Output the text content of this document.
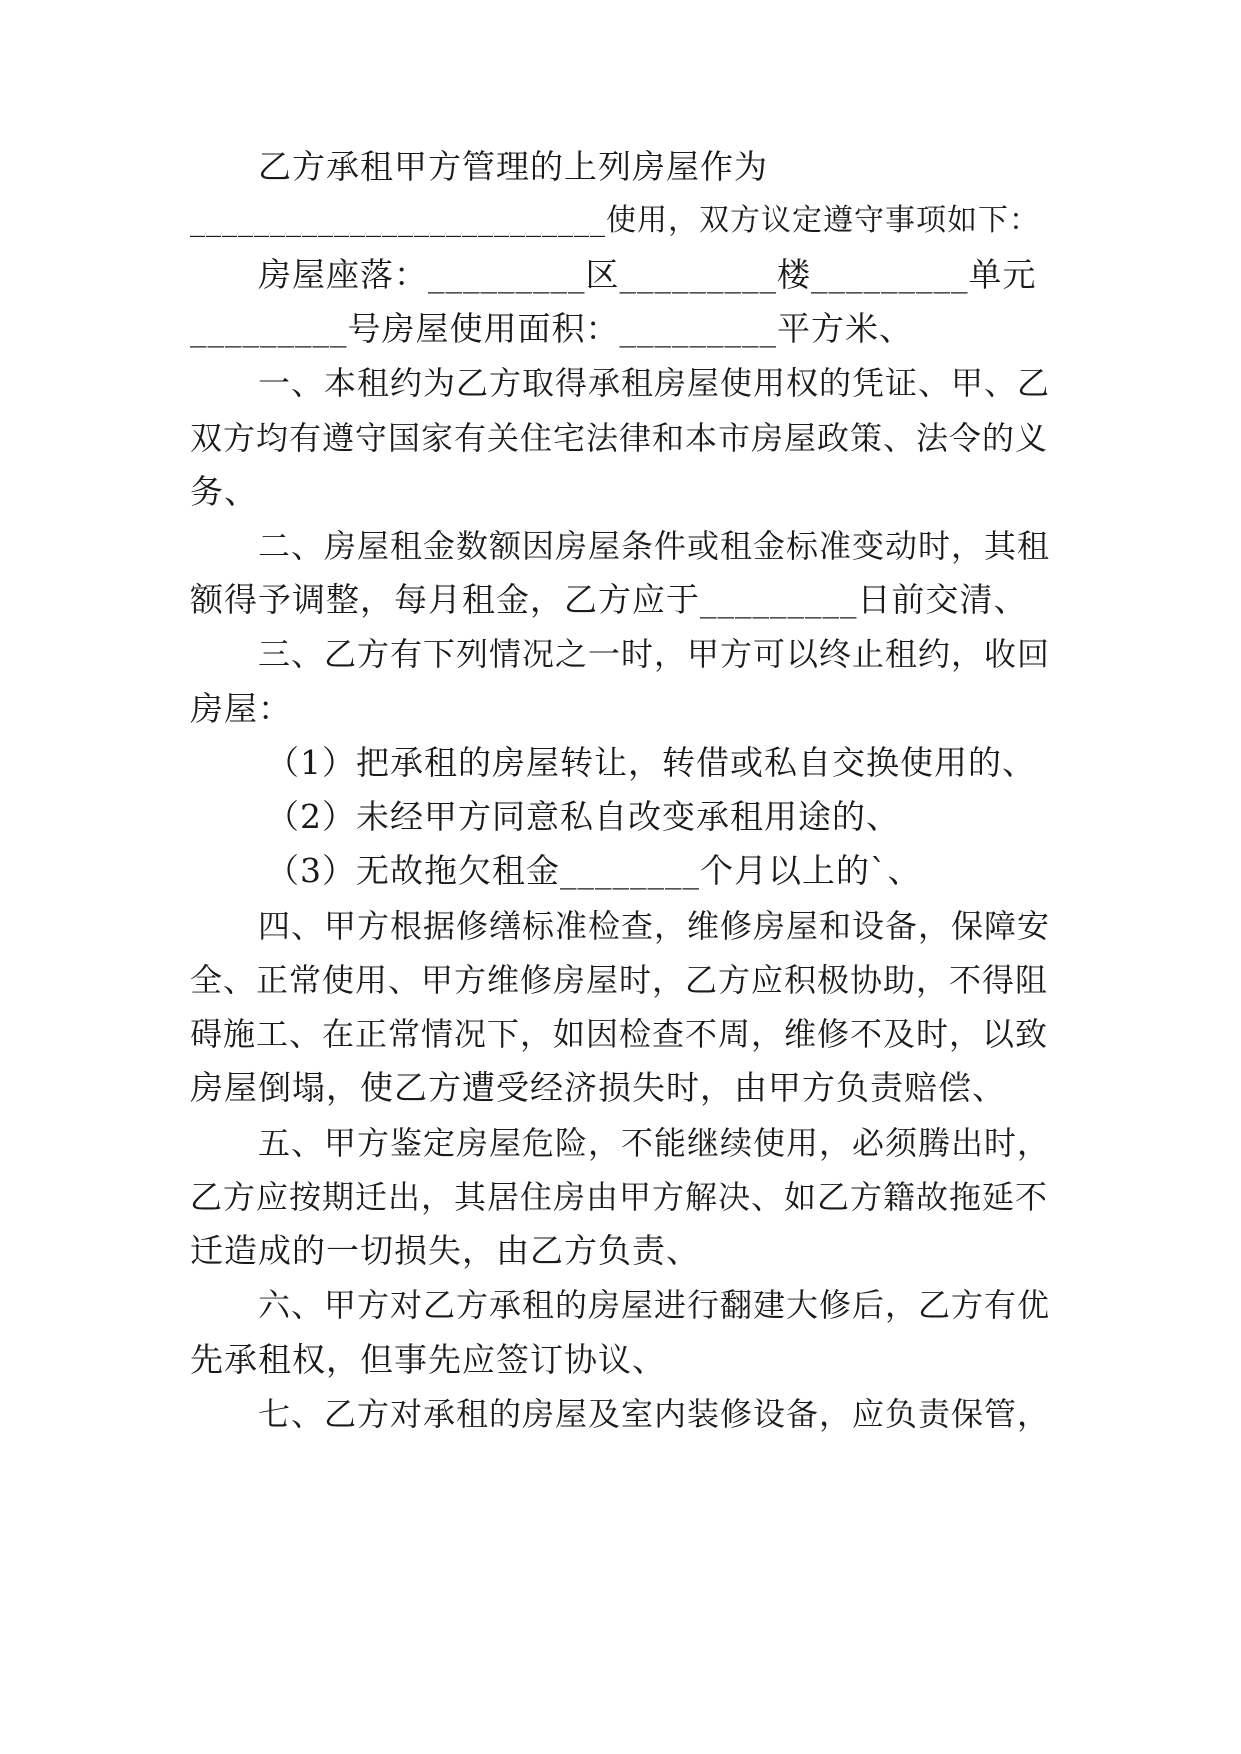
乙方承租甲方管理的上列房屋作为
__________________________使用，双方议定遵守事项如下：
房屋座落：_________区_________楼_________单元
_________号房屋使用面积：_________平方米、
一、本租约为乙方取得承租房屋使用权的凭证、甲、乙
双方均有遵守国家有关住宅法律和本市房屋政策、法令的义
务、
二、房屋租金数额因房屋条件或租金标准变动时，其租
额得予调整，每月租金，乙方应于_________日前交清、
三、乙方有下列情况之一时，甲方可以终止租约，收回
房屋：
（1）把承租的房屋转让，转借或私自交换使用的、
（2）未经甲方同意私自改变承租用途的、
（3）无故拖欠租金________个月以上的`、
四、甲方根据修缮标准检查，维修房屋和设备，保障安
全、正常使用、甲方维修房屋时，乙方应积极协助，不得阻
碍施工、在正常情况下，如因检查不周，维修不及时，以致
房屋倒塌，使乙方遭受经济损失时，由甲方负责赔偿、
五、甲方鉴定房屋危险，不能继续使用，必须腾出时，
乙方应按期迁出，其居住房由甲方解决、如乙方籍故拖延不
迁造成的一切损失，由乙方负责、
六、甲方对乙方承租的房屋进行翻建大修后，乙方有优
先承租权，但事先应签订协议、
七、乙方对承租的房屋及室内装修设备，应负责保管，
